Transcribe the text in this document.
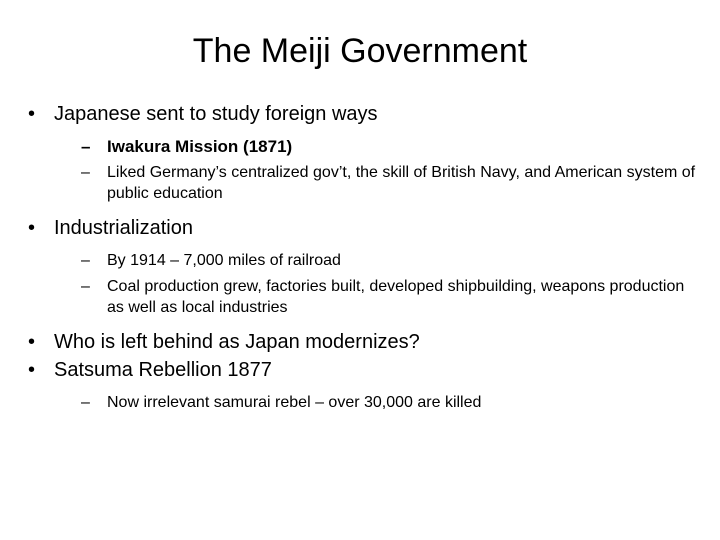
The Meiji Government
• Japanese sent to study foreign ways
– Iwakura Mission (1871)
–	Liked Germany’s centralized gov’t, the skill of British Navy, and American system of public education
• Industrialization
–	By 1914 – 7,000 miles of railroad
–	Coal production grew, factories built, developed shipbuilding, weapons production as well as local industries
• Who is left behind as Japan modernizes?
• Satsuma Rebellion 1877
–	Now irrelevant samurai rebel – over 30,000 are killed
